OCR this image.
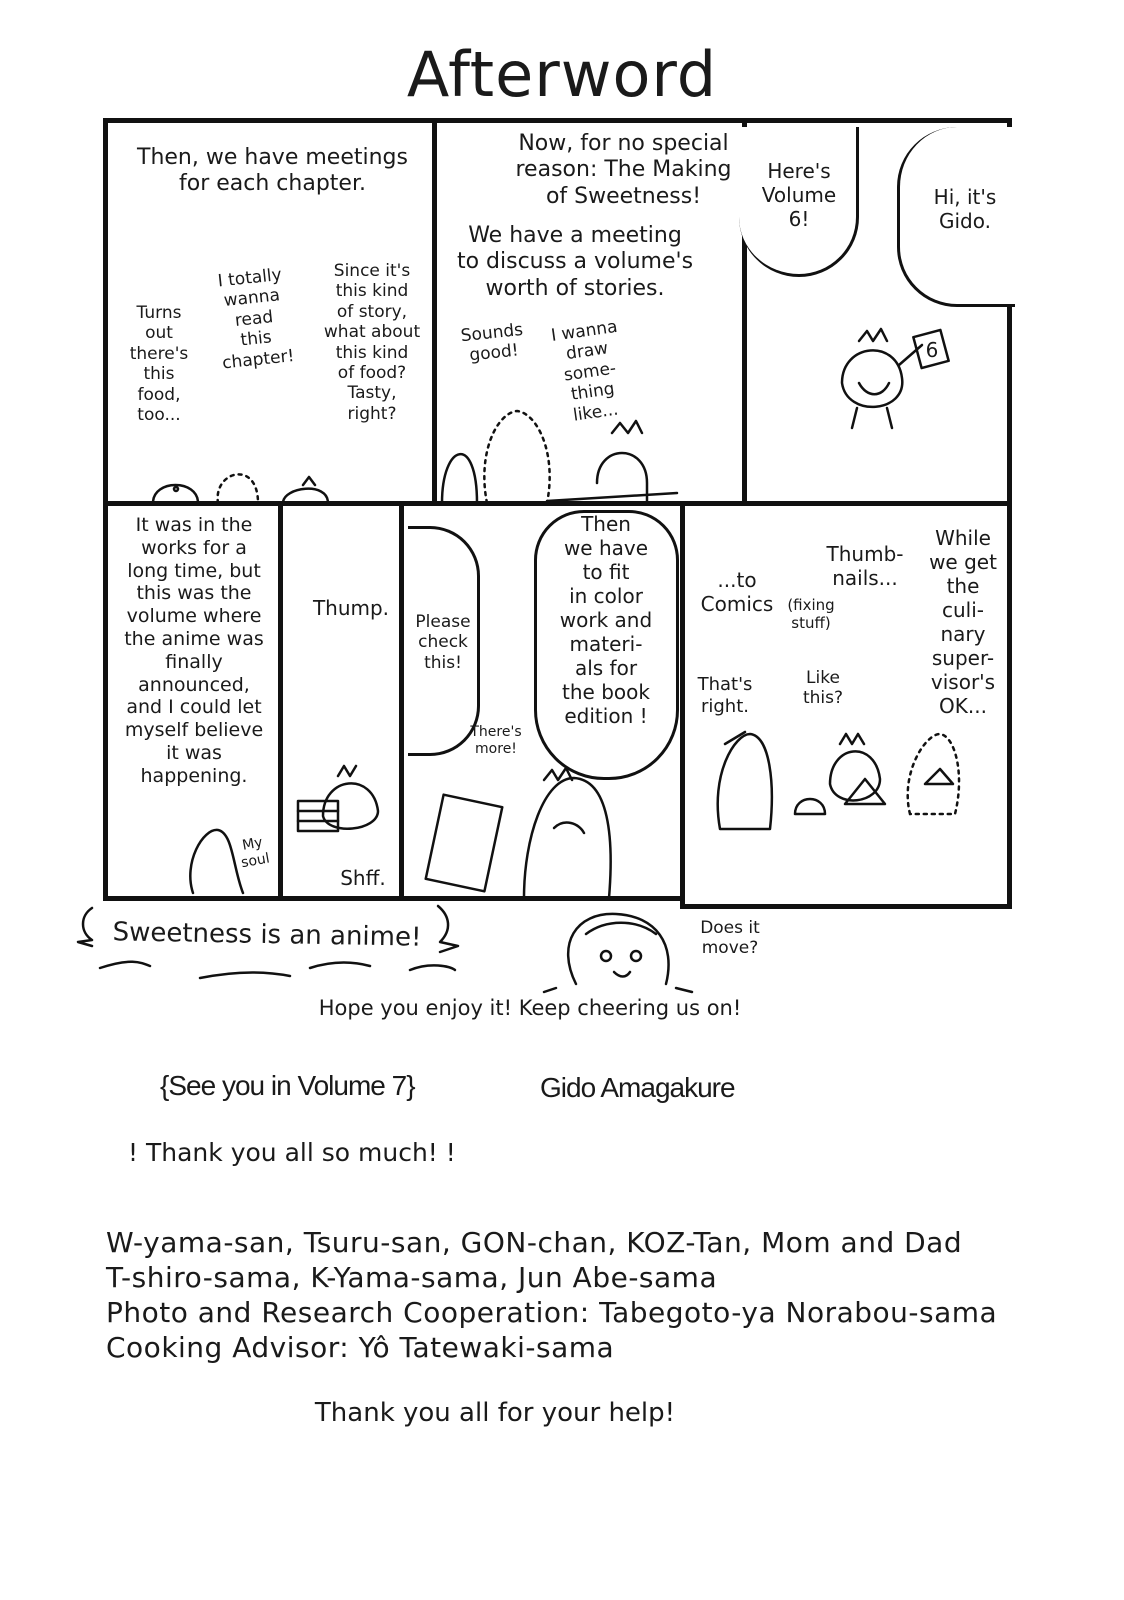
Afterword
Then, we have meetings
for each chapter.
Turns
out
there's
this
food,
too...
I totally
wanna
read
this
chapter!
Since it's
this kind
of story,
what about
this kind
of food?
Tasty,
right?
Now, for no special
reason: The Making
of Sweetness!
We have a meeting
to discuss a volume's
worth of stories.
Sounds
good!
I wanna
draw
some-
thing
like...
Here's
Volume
6!
Hi, it's
Gido.
6
It was in the
works for a
long time, but
this was the
volume where
the anime was
finally
announced,
and I could let
myself believe
it was
happening.
My
soul
Thump.
Shff.
Please
check
this!
Then
we have
to fit
in color
work and
materi-
als for
the book
edition !
There's
more!
...to
Comics
Thumb-
nails...
(fixing
stuff)
While
we get
the
culi-
nary
super-
visor's
OK...
That's
right.
Like
this?
Sweetness is an anime!	Does it
move?
Hope you enjoy it! Keep cheering us on!
{See you in Volume 7}	Gido Amagakure
! Thank you all so much! !
W-yama-san, Tsuru-san, GON-chan, KOZ-Tan, Mom and Dad
T-shiro-sama, K-Yama-sama, Jun Abe-sama
Photo and Research Cooperation: Tabegoto-ya Norabou-sama
Cooking Advisor: Yô Tatewaki-sama
Thank you all for your help!
